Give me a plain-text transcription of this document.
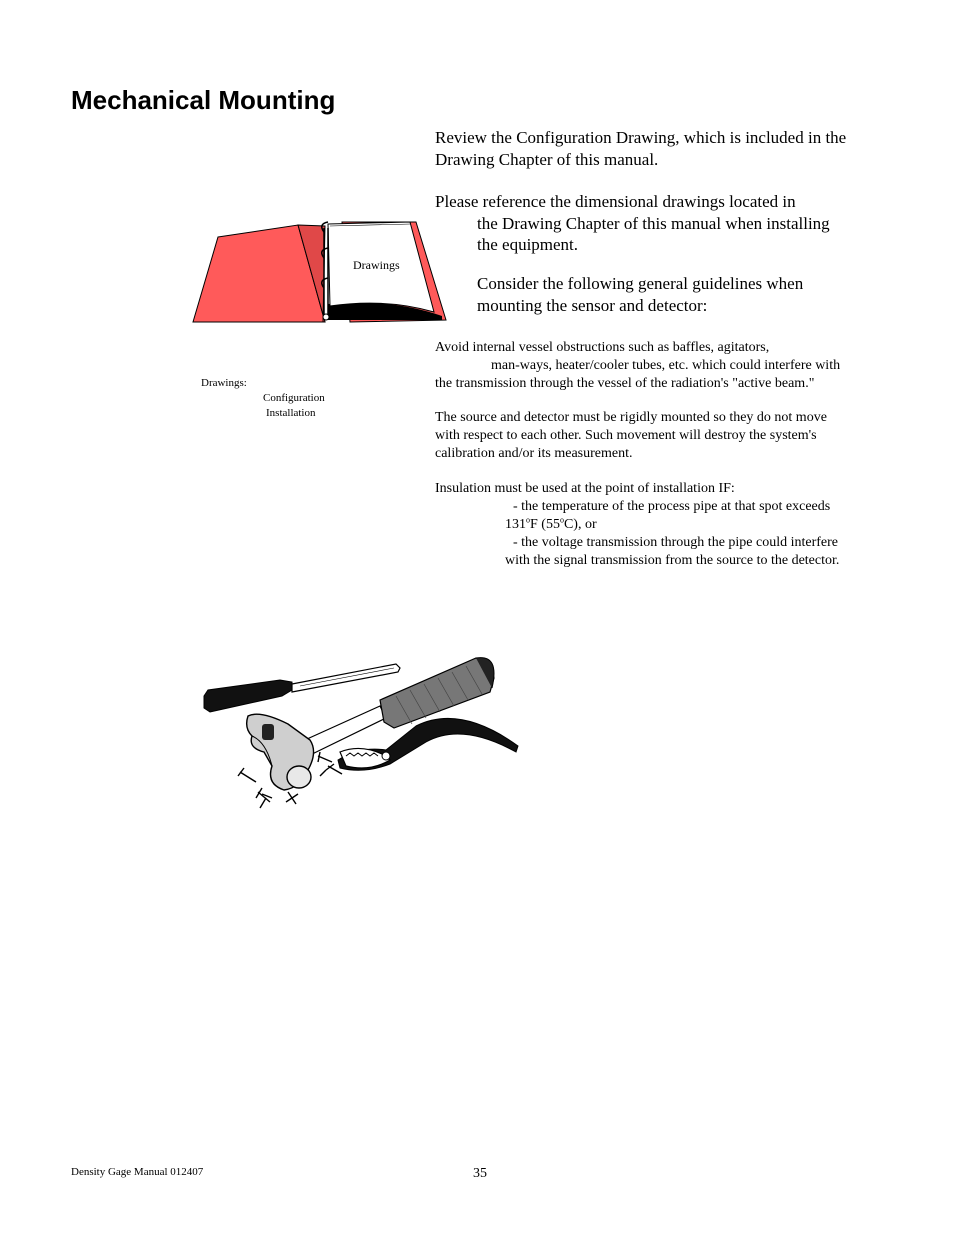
Mechanical Mounting
Review the Configuration Drawing, which is included in the
Drawing Chapter of this manual.
Please reference the dimensional drawings located in
the Drawing Chapter of this manual when installing
the equipment.
Consider the following general guidelines when
mounting the sensor and detector:
Drawings
Drawings:
Configuration
Installation
Avoid internal vessel obstructions such as baffles, agitators,
man-ways, heater/cooler tubes, etc. which could interfere with
the transmission through the vessel of the radiation's "active beam."
The source and detector must be rigidly mounted so they do not move
with respect to each other. Such movement will destroy the system's
calibration and/or its measurement.
Insulation must be used at the point of installation IF:
- the temperature of the process pipe at that spot exceeds
131$^o$F (55$^o$C), or
- the voltage transmission through the pipe could interfere
with the signal transmission from the source to the detector.
Density Gage Manual 012407	35
